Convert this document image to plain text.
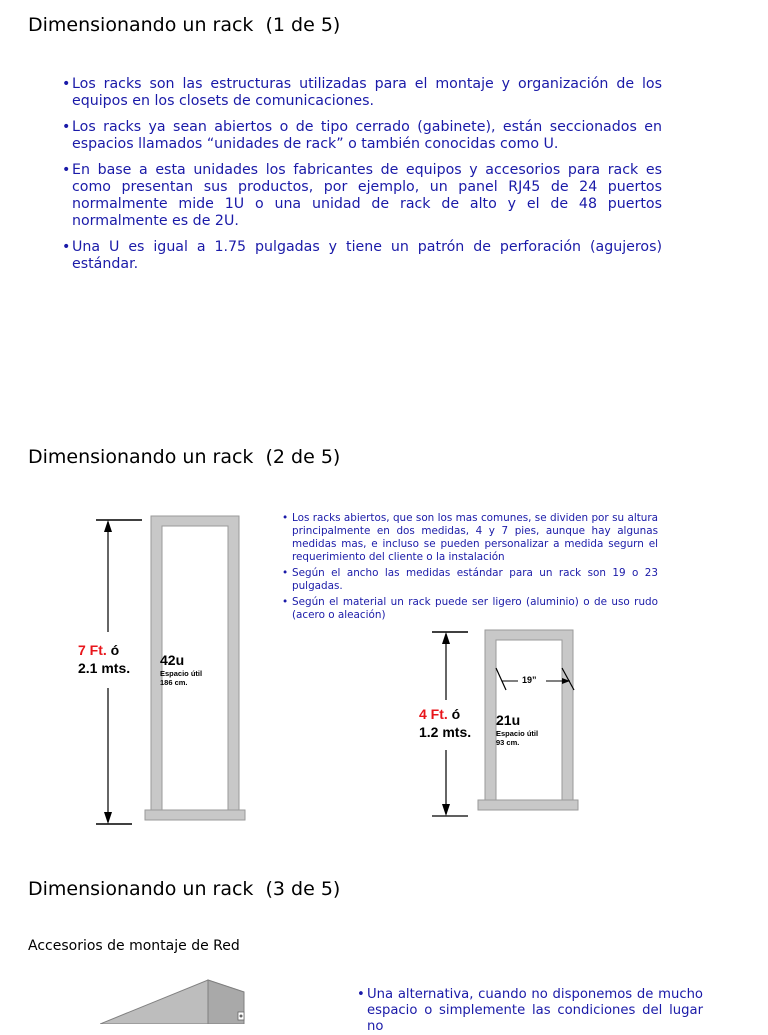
Dimensionando un rack  (1 de 5)
• Los racks son las estructuras utilizadas para el montaje y organización de los equipos en los closets de comunicaciones.
• Los racks ya sean abiertos o de tipo cerrado (gabinete), están seccionados en espacios llamados “unidades de rack” o también conocidas como U.
• En base a esta unidades los fabricantes de equipos y accesorios para rack es como presentan sus productos, por ejemplo, un panel RJ45 de 24 puertos normalmente mide 1U o una unidad de rack de alto y el de 48 puertos normalmente es de 2U.
• Una U es igual a 1.75 pulgadas y tiene un patrón de perforación (agujeros) estándar.
Dimensionando un rack  (2 de 5)
7 Ft. ó
2.1 mts. 42u
Espacio útil
186 cm.
• Los racks abiertos, que son los mas comunes, se dividen por su altura principalmente en dos medidas, 4 y 7 pies, aunque hay algunas medidas mas, e incluso se pueden personalizar a medida segurn el requerimiento del cliente o la instalación
• Según el ancho las medidas estándar para un rack son 19 o 23 pulgadas.
• Según el material un rack puede ser ligero (aluminio) o de uso rudo (acero o aleación)
19”
4 Ft. ó
1.2 mts.
21u
Espacio útil
93 cm.
Dimensionando un rack  (3 de 5)
Accesorios de montaje de Red
• Una alternativa, cuando no disponemos de mucho espacio o simplemente las condiciones del lugar no
